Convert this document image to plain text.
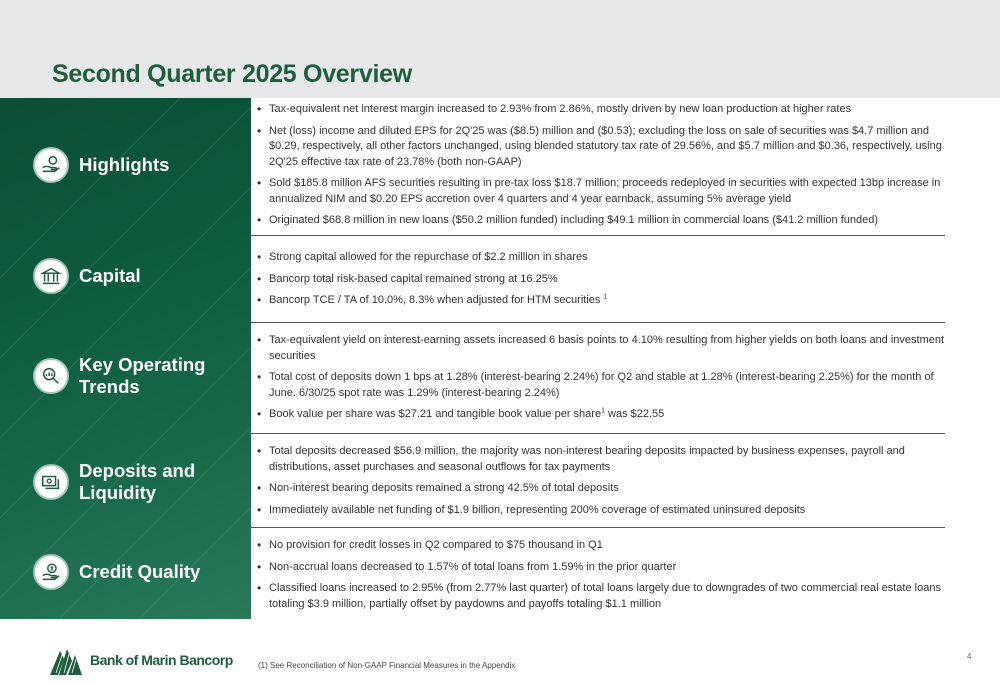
Second Quarter 2025 Overview
Highlights
Capital
Key Operating Trends
Deposits and Liquidity
Credit Quality
• Tax-equivalent net interest margin increased to 2.93% from 2.86%, mostly driven by new loan production at higher rates
• Net (loss) income and diluted EPS for 2Q'25 was ($8.5) million and ($0.53); excluding the loss on sale of securities was $4.7 million and $0.29, respectively, all other factors unchanged, using blended statutory tax rate of 29.56%, and $5.7 million and $0.36, respectively, using 2Q'25 effective tax rate of 23.78% (both non-GAAP)
• Sold $185.8 million AFS securities resulting in pre-tax loss $18.7 million; proceeds redeployed in securities with expected 13bp increase in annualized NIM and $0.20 EPS accretion over 4 quarters and 4 year earnback, assuming 5% average yield
• Originated $68.8 million in new loans ($50.2 million funded) including $49.1 million in commercial loans ($41.2 million funded)
• Strong capital allowed for the repurchase of $2.2 million in shares
• Bancorp total risk-based capital remained strong at 16.25%
• Bancorp TCE / TA of 10.0%, 8.3% when adjusted for HTM securities $^1$
• Tax-equivalent yield on interest-earning assets increased 6 basis points to 4.10% resulting from higher yields on both loans and investment securities
• Total cost of deposits down 1 bps at 1.28% (interest-bearing 2.24%) for Q2 and stable at 1.28% (interest-bearing 2.25%) for the month of June. 6/30/25 spot rate was 1.29% (interest-bearing 2.24%)
• Book value per share was $27.21 and tangible book value per share$^1$ was $22.55
• Total deposits decreased $56.9 million, the majority was non-interest bearing deposits impacted by business expenses, payroll and distributions, asset purchases and seasonal outflows for tax payments
• Non-interest bearing deposits remained a strong 42.5% of total deposits
• Immediately available net funding of $1.9 billion, representing 200% coverage of estimated uninsured deposits
• No provision for credit losses in Q2 compared to $75 thousand in Q1
• Non-accrual loans decreased to 1.57% of total loans from 1.59% in the prior quarter
• Classified loans increased to 2.95% (from 2.77% last quarter) of total loans largely due to downgrades of two commercial real estate loans totaling $3.9 million, partially offset by paydowns and payoffs totaling $1.1 million
Bank of Marin Bancorp	(1) See Reconciliation of Non-GAAP Financial Measures in the Appendix
4
